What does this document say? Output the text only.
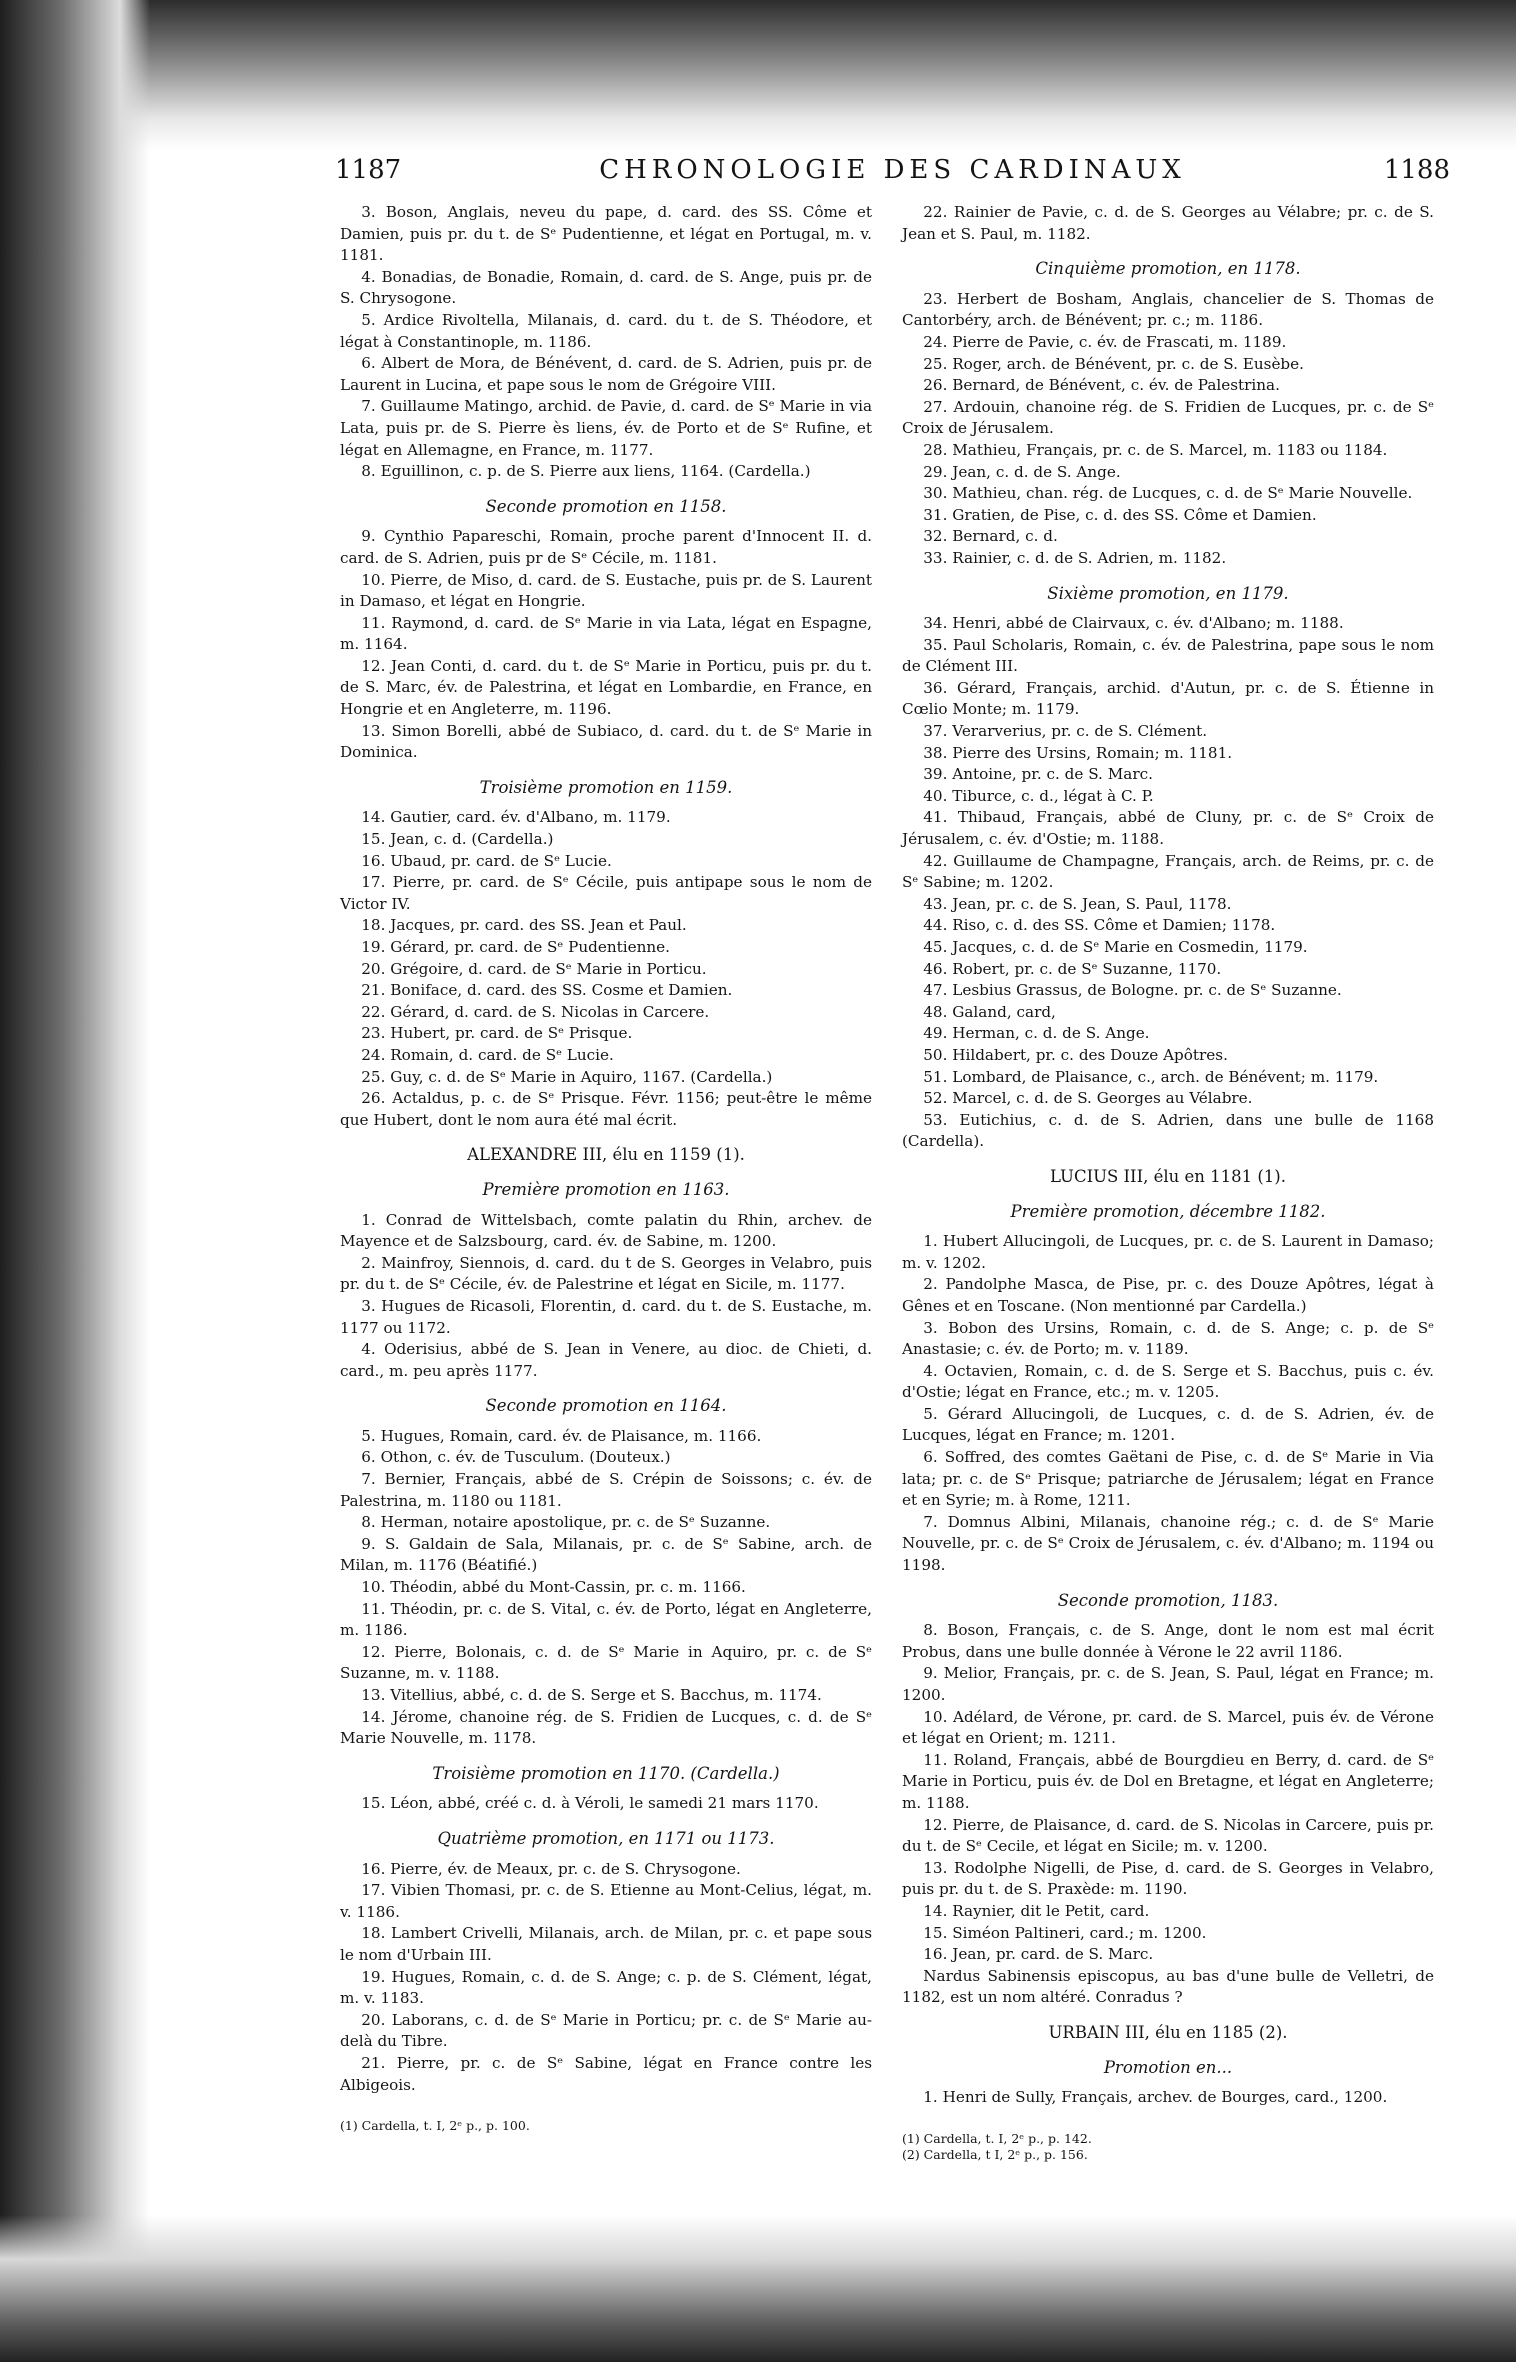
1187	CHRONOLOGIE DES CARDINAUX	1188

3. Boson, Anglais, neveu du pape, d. card. des SS. Côme et Damien, puis pr. du t. de Sᵉ Pudentienne, et légat en Portugal, m. v. 1181.

4. Bonadias, de Bonadie, Romain, d. card. de S. Ange, puis pr. de S. Chrysogone.

5. Ardice Rivoltella, Milanais, d. card. du t. de S. Théodore, et légat à Constantinople, m. 1186.

6. Albert de Mora, de Bénévent, d. card. de S. Adrien, puis pr. de Laurent in Lucina, et pape sous le nom de Grégoire VIII.

7. Guillaume Matingo, archid. de Pavie, d. card. de Sᵉ Marie in via Lata, puis pr. de S. Pierre ès liens, év. de Porto et de Sᵉ Rufine, et légat en Allemagne, en France, m. 1177.

8. Eguillinon, c. p. de S. Pierre aux liens, 1164. (Cardella.)

Seconde promotion en 1158.

9. Cynthio Papareschi, Romain, proche parent d'Innocent II. d. card. de S. Adrien, puis pr de Sᵉ Cécile, m. 1181.

10. Pierre, de Miso, d. card. de S. Eustache, puis pr. de S. Laurent in Damaso, et légat en Hongrie.

11. Raymond, d. card. de Sᵉ Marie in via Lata, légat en Espagne, m. 1164.

12. Jean Conti, d. card. du t. de Sᵉ Marie in Porticu, puis pr. du t. de S. Marc, év. de Palestrina, et légat en Lombardie, en France, en Hongrie et en Angleterre, m. 1196.

13. Simon Borelli, abbé de Subiaco, d. card. du t. de Sᵉ Marie in Dominica.

Troisième promotion en 1159.

14. Gautier, card. év. d'Albano, m. 1179.

15. Jean, c. d. (Cardella.)

16. Ubaud, pr. card. de Sᵉ Lucie.

17. Pierre, pr. card. de Sᵉ Cécile, puis antipape sous le nom de Victor IV.

18. Jacques, pr. card. des SS. Jean et Paul.

19. Gérard, pr. card. de Sᵉ Pudentienne.

20. Grégoire, d. card. de Sᵉ Marie in Porticu.

21. Boniface, d. card. des SS. Cosme et Damien.

22. Gérard, d. card. de S. Nicolas in Carcere.

23. Hubert, pr. card. de Sᵉ Prisque.

24. Romain, d. card. de Sᵉ Lucie.

25. Guy, c. d. de Sᵉ Marie in Aquiro, 1167. (Cardella.)

26. Actaldus, p. c. de Sᵉ Prisque. Févr. 1156; peut-être le même que Hubert, dont le nom aura été mal écrit.

ALEXANDRE III, élu en 1159 (1).

Première promotion en 1163.

1. Conrad de Wittelsbach, comte palatin du Rhin, archev. de Mayence et de Salzsbourg, card. év. de Sabine, m. 1200.

2. Mainfroy, Siennois, d. card. du t de S. Georges in Velabro, puis pr. du t. de Sᵉ Cécile, év. de Palestrine et légat en Sicile, m. 1177.

3. Hugues de Ricasoli, Florentin, d. card. du t. de S. Eustache, m. 1177 ou 1172.

4. Oderisius, abbé de S. Jean in Venere, au dioc. de Chieti, d. card., m. peu après 1177.

Seconde promotion en 1164.

5. Hugues, Romain, card. év. de Plaisance, m. 1166.

6. Othon, c. év. de Tusculum. (Douteux.)

7. Bernier, Français, abbé de S. Crépin de Soissons; c. év. de Palestrina, m. 1180 ou 1181.

8. Herman, notaire apostolique, pr. c. de Sᵉ Suzanne.

9. S. Galdain de Sala, Milanais, pr. c. de Sᵉ Sabine, arch. de Milan, m. 1176 (Béatifié.)

10. Théodin, abbé du Mont-Cassin, pr. c. m. 1166.

11. Théodin, pr. c. de S. Vital, c. év. de Porto, légat en Angleterre, m. 1186.

12. Pierre, Bolonais, c. d. de Sᵉ Marie in Aquiro, pr. c. de Sᵉ Suzanne, m. v. 1188.

13. Vitellius, abbé, c. d. de S. Serge et S. Bacchus, m. 1174.

14. Jérome, chanoine rég. de S. Fridien de Lucques, c. d. de Sᵉ Marie Nouvelle, m. 1178.

Troisième promotion en 1170. (Cardella.)

15. Léon, abbé, créé c. d. à Véroli, le samedi 21 mars 1170.

Quatrième promotion, en 1171 ou 1173.

16. Pierre, év. de Meaux, pr. c. de S. Chrysogone.

17. Vibien Thomasi, pr. c. de S. Etienne au Mont-Celius, légat, m. v. 1186.

18. Lambert Crivelli, Milanais, arch. de Milan, pr. c. et pape sous le nom d'Urbain III.

19. Hugues, Romain, c. d. de S. Ange; c. p. de S. Clément, légat, m. v. 1183.

20. Laborans, c. d. de Sᵉ Marie in Porticu; pr. c. de Sᵉ Marie au-delà du Tibre.

21. Pierre, pr. c. de Sᵉ Sabine, légat en France contre les Albigeois.

(1) Cardella, t. I, 2ᵉ p., p. 100.

22. Rainier de Pavie, c. d. de S. Georges au Vélabre; pr. c. de S. Jean et S. Paul, m. 1182.

Cinquième promotion, en 1178.

23. Herbert de Bosham, Anglais, chancelier de S. Thomas de Cantorbéry, arch. de Bénévent; pr. c.; m. 1186.

24. Pierre de Pavie, c. év. de Frascati, m. 1189.

25. Roger, arch. de Bénévent, pr. c. de S. Eusèbe.

26. Bernard, de Bénévent, c. év. de Palestrina.

27. Ardouin, chanoine rég. de S. Fridien de Lucques, pr. c. de Sᵉ Croix de Jérusalem.

28. Mathieu, Français, pr. c. de S. Marcel, m. 1183 ou 1184.

29. Jean, c. d. de S. Ange.

30. Mathieu, chan. rég. de Lucques, c. d. de Sᵉ Marie Nouvelle.

31. Gratien, de Pise, c. d. des SS. Côme et Damien.

32. Bernard, c. d.

33. Rainier, c. d. de S. Adrien, m. 1182.

Sixième promotion, en 1179.

34. Henri, abbé de Clairvaux, c. év. d'Albano; m. 1188.

35. Paul Scholaris, Romain, c. év. de Palestrina, pape sous le nom de Clément III.

36. Gérard, Français, archid. d'Autun, pr. c. de S. Étienne in Cœlio Monte; m. 1179.

37. Verarverius, pr. c. de S. Clément.

38. Pierre des Ursins, Romain; m. 1181.

39. Antoine, pr. c. de S. Marc.

40. Tiburce, c. d., légat à C. P.

41. Thibaud, Français, abbé de Cluny, pr. c. de Sᵉ Croix de Jérusalem, c. év. d'Ostie; m. 1188.

42. Guillaume de Champagne, Français, arch. de Reims, pr. c. de Sᵉ Sabine; m. 1202.

43. Jean, pr. c. de S. Jean, S. Paul, 1178.

44. Riso, c. d. des SS. Côme et Damien; 1178.

45. Jacques, c. d. de Sᵉ Marie en Cosmedin, 1179.

46. Robert, pr. c. de Sᵉ Suzanne, 1170.

47. Lesbius Grassus, de Bologne. pr. c. de Sᵉ Suzanne.

48. Galand, card,

49. Herman, c. d. de S. Ange.

50. Hildabert, pr. c. des Douze Apôtres.

51. Lombard, de Plaisance, c., arch. de Bénévent; m. 1179.

52. Marcel, c. d. de S. Georges au Vélabre.

53. Eutichius, c. d. de S. Adrien, dans une bulle de 1168 (Cardella).

LUCIUS III, élu en 1181 (1).

Première promotion, décembre 1182.

1. Hubert Allucingoli, de Lucques, pr. c. de S. Laurent in Damaso; m. v. 1202.

2. Pandolphe Masca, de Pise, pr. c. des Douze Apôtres, légat à Gênes et en Toscane. (Non mentionné par Cardella.)

3. Bobon des Ursins, Romain, c. d. de S. Ange; c. p. de Sᵉ Anastasie; c. év. de Porto; m. v. 1189.

4. Octavien, Romain, c. d. de S. Serge et S. Bacchus, puis c. év. d'Ostie; légat en France, etc.; m. v. 1205.

5. Gérard Allucingoli, de Lucques, c. d. de S. Adrien, év. de Lucques, légat en France; m. 1201.

6. Soffred, des comtes Gaëtani de Pise, c. d. de Sᵉ Marie in Via lata; pr. c. de Sᵉ Prisque; patriarche de Jérusalem; légat en France et en Syrie; m. à Rome, 1211.

7. Domnus Albini, Milanais, chanoine rég.; c. d. de Sᵉ Marie Nouvelle, pr. c. de Sᵉ Croix de Jérusalem, c. év. d'Albano; m. 1194 ou 1198.

Seconde promotion, 1183.

8. Boson, Français, c. de S. Ange, dont le nom est mal écrit Probus, dans une bulle donnée à Vérone le 22 avril 1186.

9. Melior, Français, pr. c. de S. Jean, S. Paul, légat en France; m. 1200.

10. Adélard, de Vérone, pr. card. de S. Marcel, puis év. de Vérone et légat en Orient; m. 1211.

11. Roland, Français, abbé de Bourgdieu en Berry, d. card. de Sᵉ Marie in Porticu, puis év. de Dol en Bretagne, et légat en Angleterre; m. 1188.

12. Pierre, de Plaisance, d. card. de S. Nicolas in Carcere, puis pr. du t. de Sᵉ Cecile, et légat en Sicile; m. v. 1200.

13. Rodolphe Nigelli, de Pise, d. card. de S. Georges in Velabro, puis pr. du t. de S. Praxède: m. 1190.

14. Raynier, dit le Petit, card.

15. Siméon Paltineri, card.; m. 1200.

16. Jean, pr. card. de S. Marc.

Nardus Sabinensis episcopus, au bas d'une bulle de Velletri, de 1182, est un nom altéré. Conradus ?

URBAIN III, élu en 1185 (2).

Promotion en...

1. Henri de Sully, Français, archev. de Bourges, card., 1200.

(1) Cardella, t. I, 2ᵉ p., p. 142.

(2) Cardella, t I, 2ᵉ p., p. 156.
